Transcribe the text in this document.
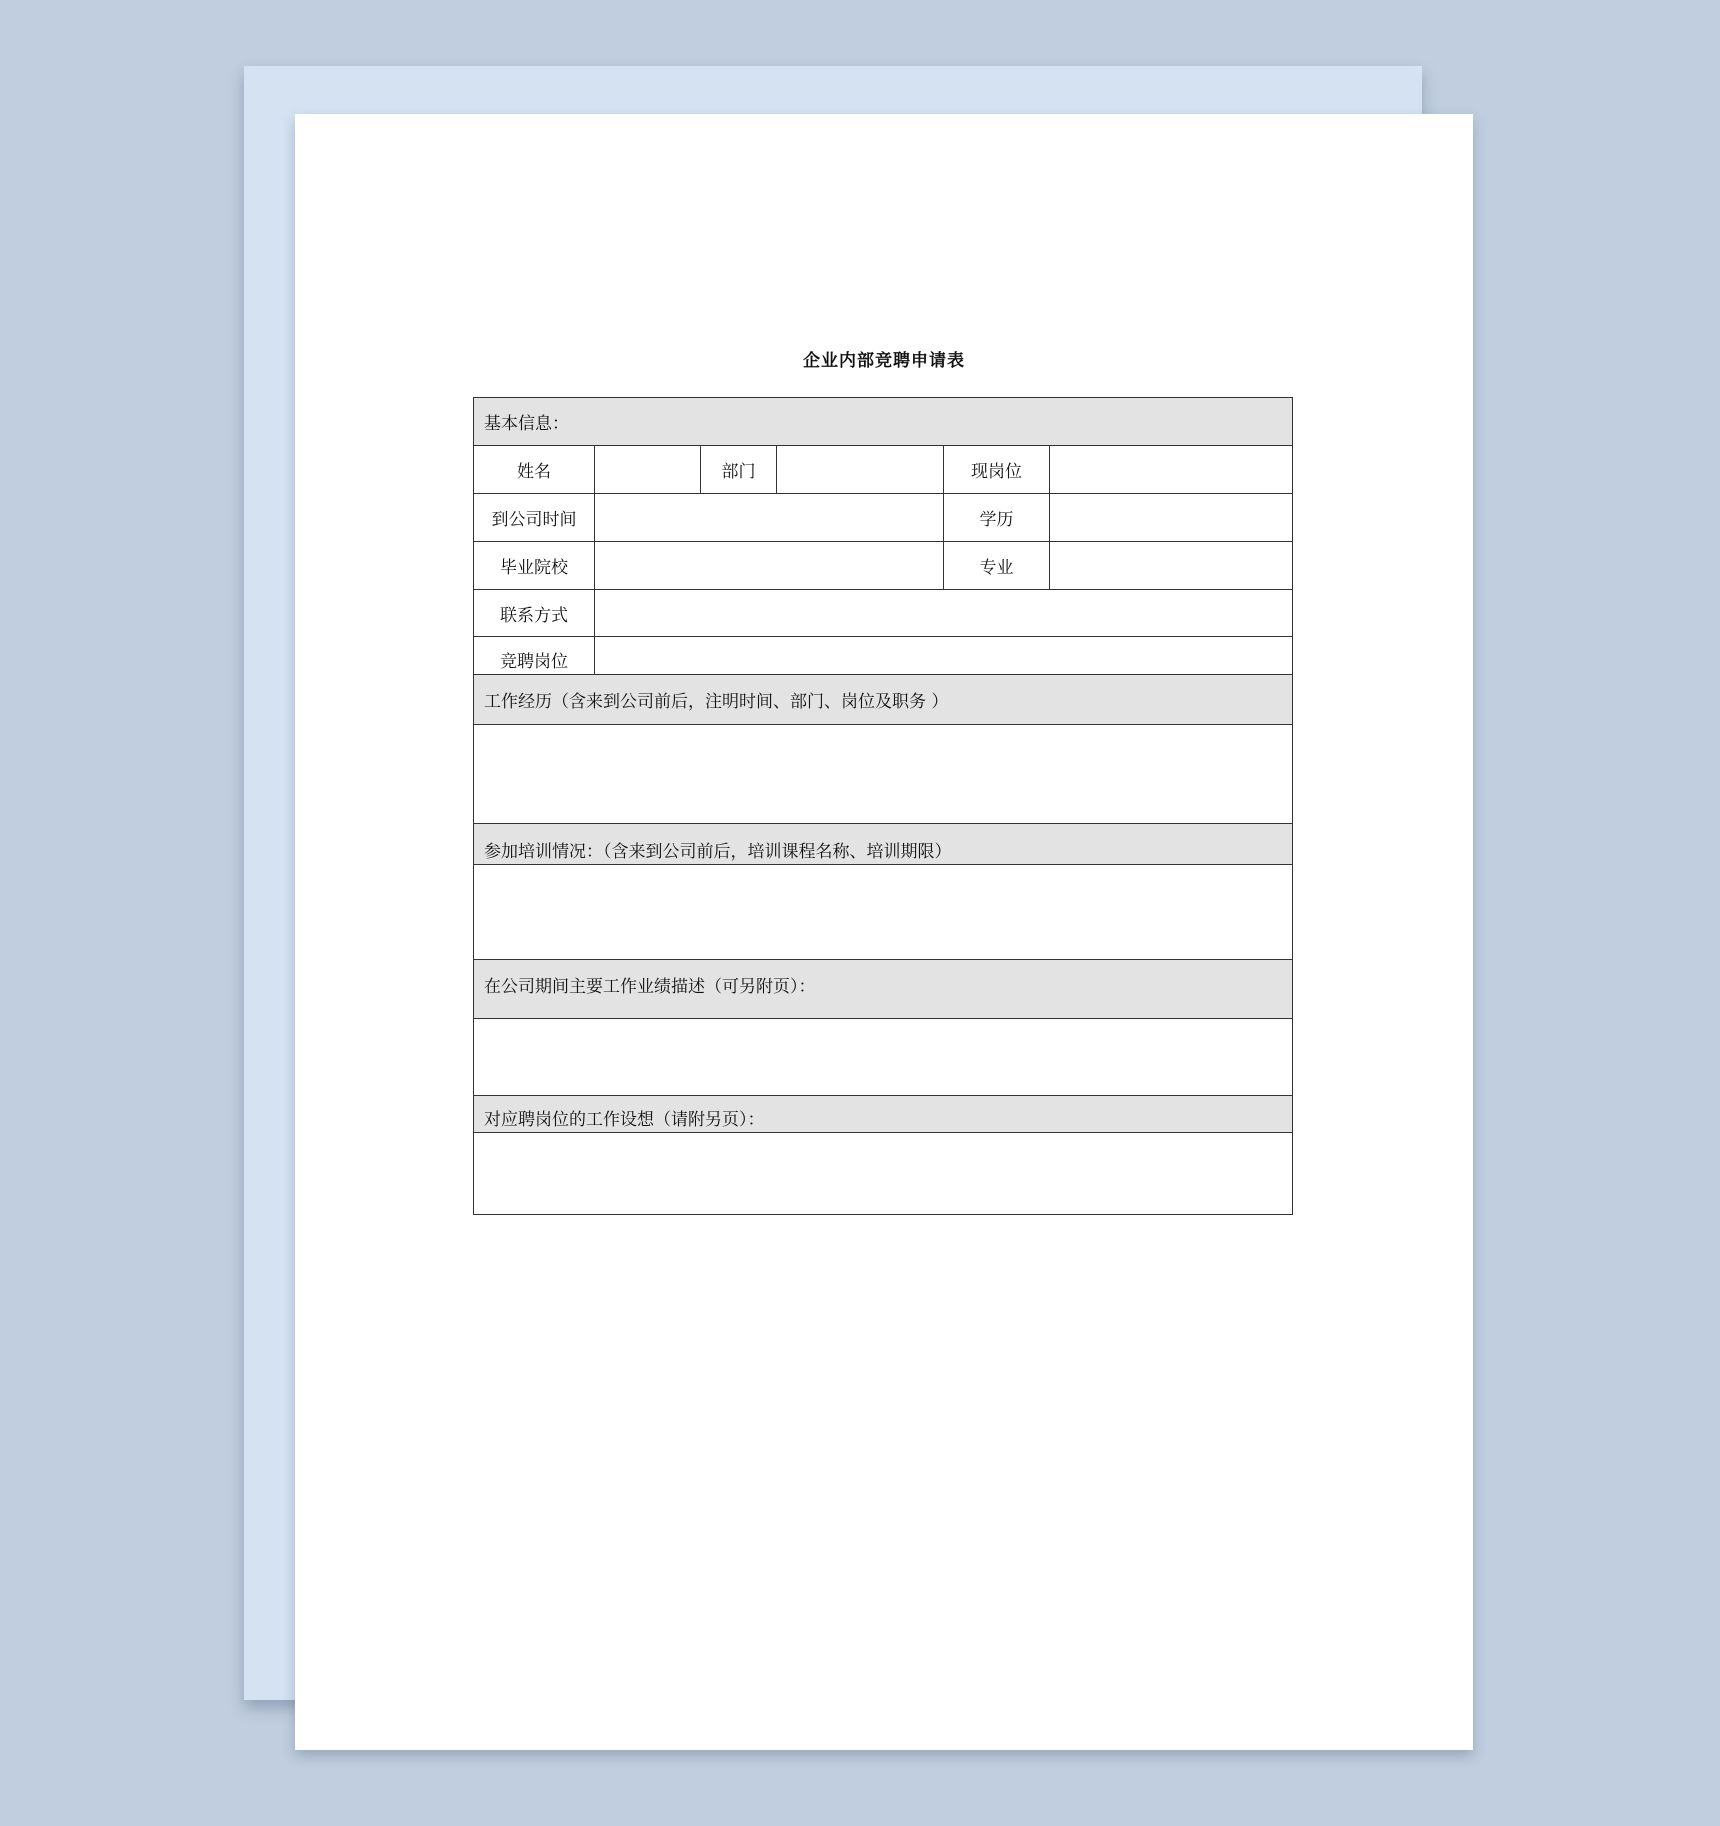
企业内部竞聘申请表
基本信息：					
姓名		部门		现岗位	
到公司时间				学历	
毕业院校				专业	
联系方式					
竞聘岗位					
工作经历（含来到公司前后，注明时间、部门、岗位及职务 ）					

参加培训情况：（含来到公司前后，培训课程名称、培训期限）					

在公司期间主要工作业绩描述（可另附页）：					

对应聘岗位的工作设想（请附另页）：					
